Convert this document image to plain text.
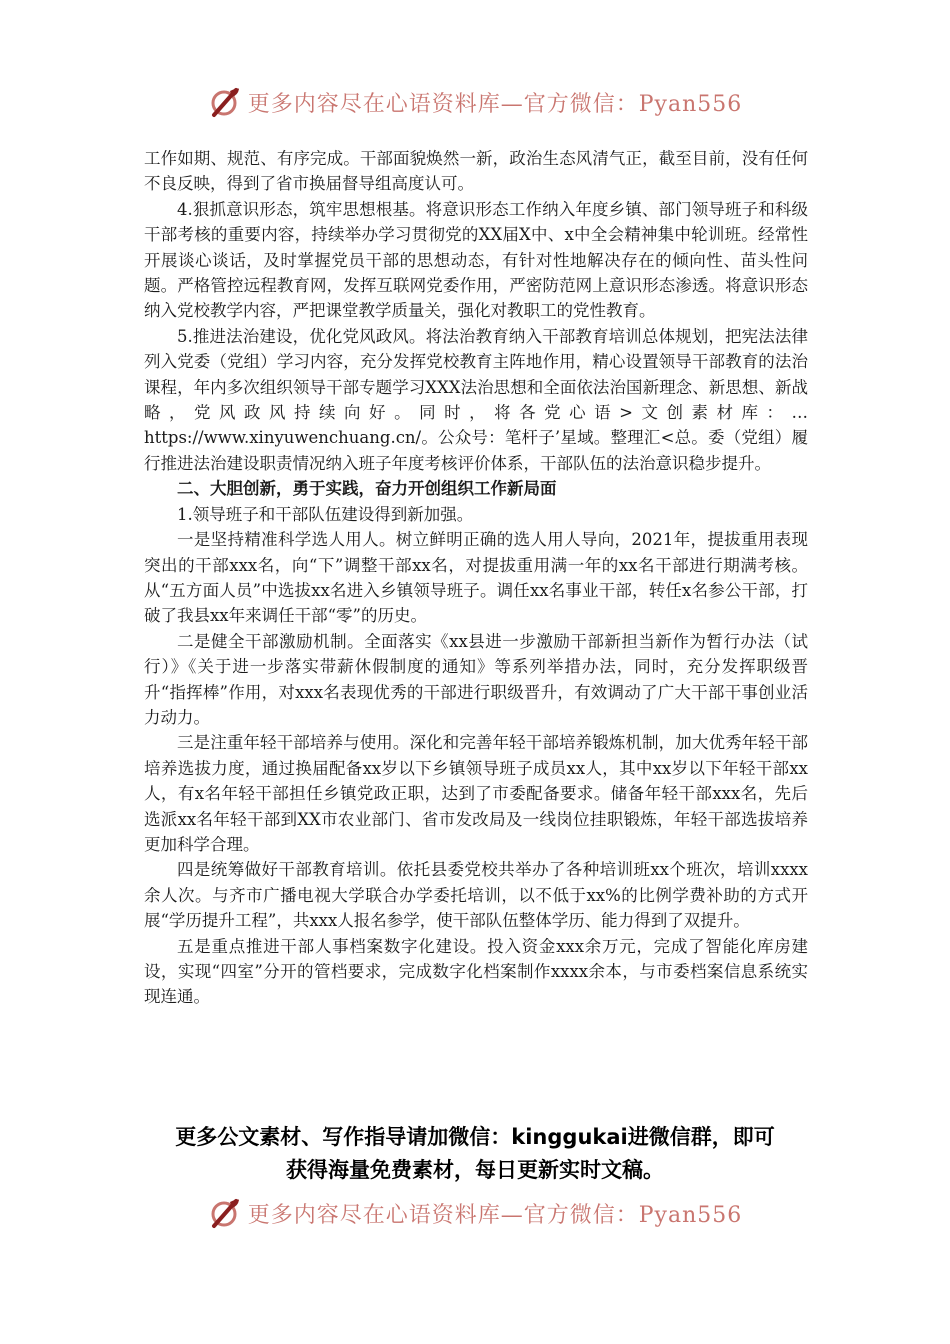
更多内容尽在心语资料库—官方微信：Pyan556

工作如期、规范、有序完成。干部面貌焕然一新，政治生态风清气正，截至目前，没有任何不良反映，得到了省市换届督导组高度认可。

4.狠抓意识形态，筑牢思想根基。将意识形态工作纳入年度乡镇、部门领导班子和科级干部考核的重要内容，持续举办学习贯彻党的XX届X中、x中全会精神集中轮训班。经常性开展谈心谈话，及时掌握党员干部的思想动态，有针对性地解决存在的倾向性、苗头性问题。严格管控远程教育网，发挥互联网党委作用，严密防范网上意识形态渗透。将意识形态纳入党校教学内容，严把课堂教学质量关，强化对教职工的党性教育。

5.推进法治建设，优化党风政风。将法治教育纳入干部教育培训总体规划，把宪法法律列入党委（党组）学习内容，充分发挥党校教育主阵地作用，精心设置领导干部教育的法治课程，年内多次组织领导干部专题学习XXX法治思想和全面依法治国新理念、新思想、新战略，党风政风持续向好。同时，将各党心语>文创素材库：…https://www.xinyuwenchuang.cn/。公众号：笔杆子’星域。整理汇<总。委（党组）履行推进法治建设职责情况纳入班子年度考核评价体系，干部队伍的法治意识稳步提升。

二、大胆创新，勇于实践，奋力开创组织工作新局面

1.领导班子和干部队伍建设得到新加强。

一是坚持精准科学选人用人。树立鲜明正确的选人用人导向，2021年，提拔重用表现突出的干部xxx名，向“下”调整干部xx名，对提拔重用满一年的xx名干部进行期满考核。从“五方面人员”中选拔xx名进入乡镇领导班子。调任xx名事业干部，转任x名参公干部，打破了我县xx年来调任干部“零”的历史。

二是健全干部激励机制。全面落实《xx县进一步激励干部新担当新作为暂行办法（试行）》《关于进一步落实带薪休假制度的通知》等系列举措办法，同时，充分发挥职级晋升“指挥棒”作用，对xxx名表现优秀的干部进行职级晋升，有效调动了广大干部干事创业活力动力。

三是注重年轻干部培养与使用。深化和完善年轻干部培养锻炼机制，加大优秀年轻干部培养选拔力度，通过换届配备xx岁以下乡镇领导班子成员xx人，其中xx岁以下年轻干部xx人，有x名年轻干部担任乡镇党政正职，达到了市委配备要求。储备年轻干部xxx名，先后选派xx名年轻干部到XX市农业部门、省市发改局及一线岗位挂职锻炼，年轻干部选拔培养更加科学合理。

四是统筹做好干部教育培训。依托县委党校共举办了各种培训班xx个班次，培训xxxx余人次。与齐市广播电视大学联合办学委托培训，以不低于xx%的比例学费补助的方式开展“学历提升工程”，共xxx人报名参学，使干部队伍整体学历、能力得到了双提升。

五是重点推进干部人事档案数字化建设。投入资金xxx余万元，完成了智能化库房建设，实现“四室”分开的管档要求，完成数字化档案制作xxxx余本，与市委档案信息系统实现连通。

更多公文素材、写作指导请加微信：kinggukai进微信群，即可

获得海量免费素材，每日更新实时文稿。

更多内容尽在心语资料库—官方微信：Pyan556
